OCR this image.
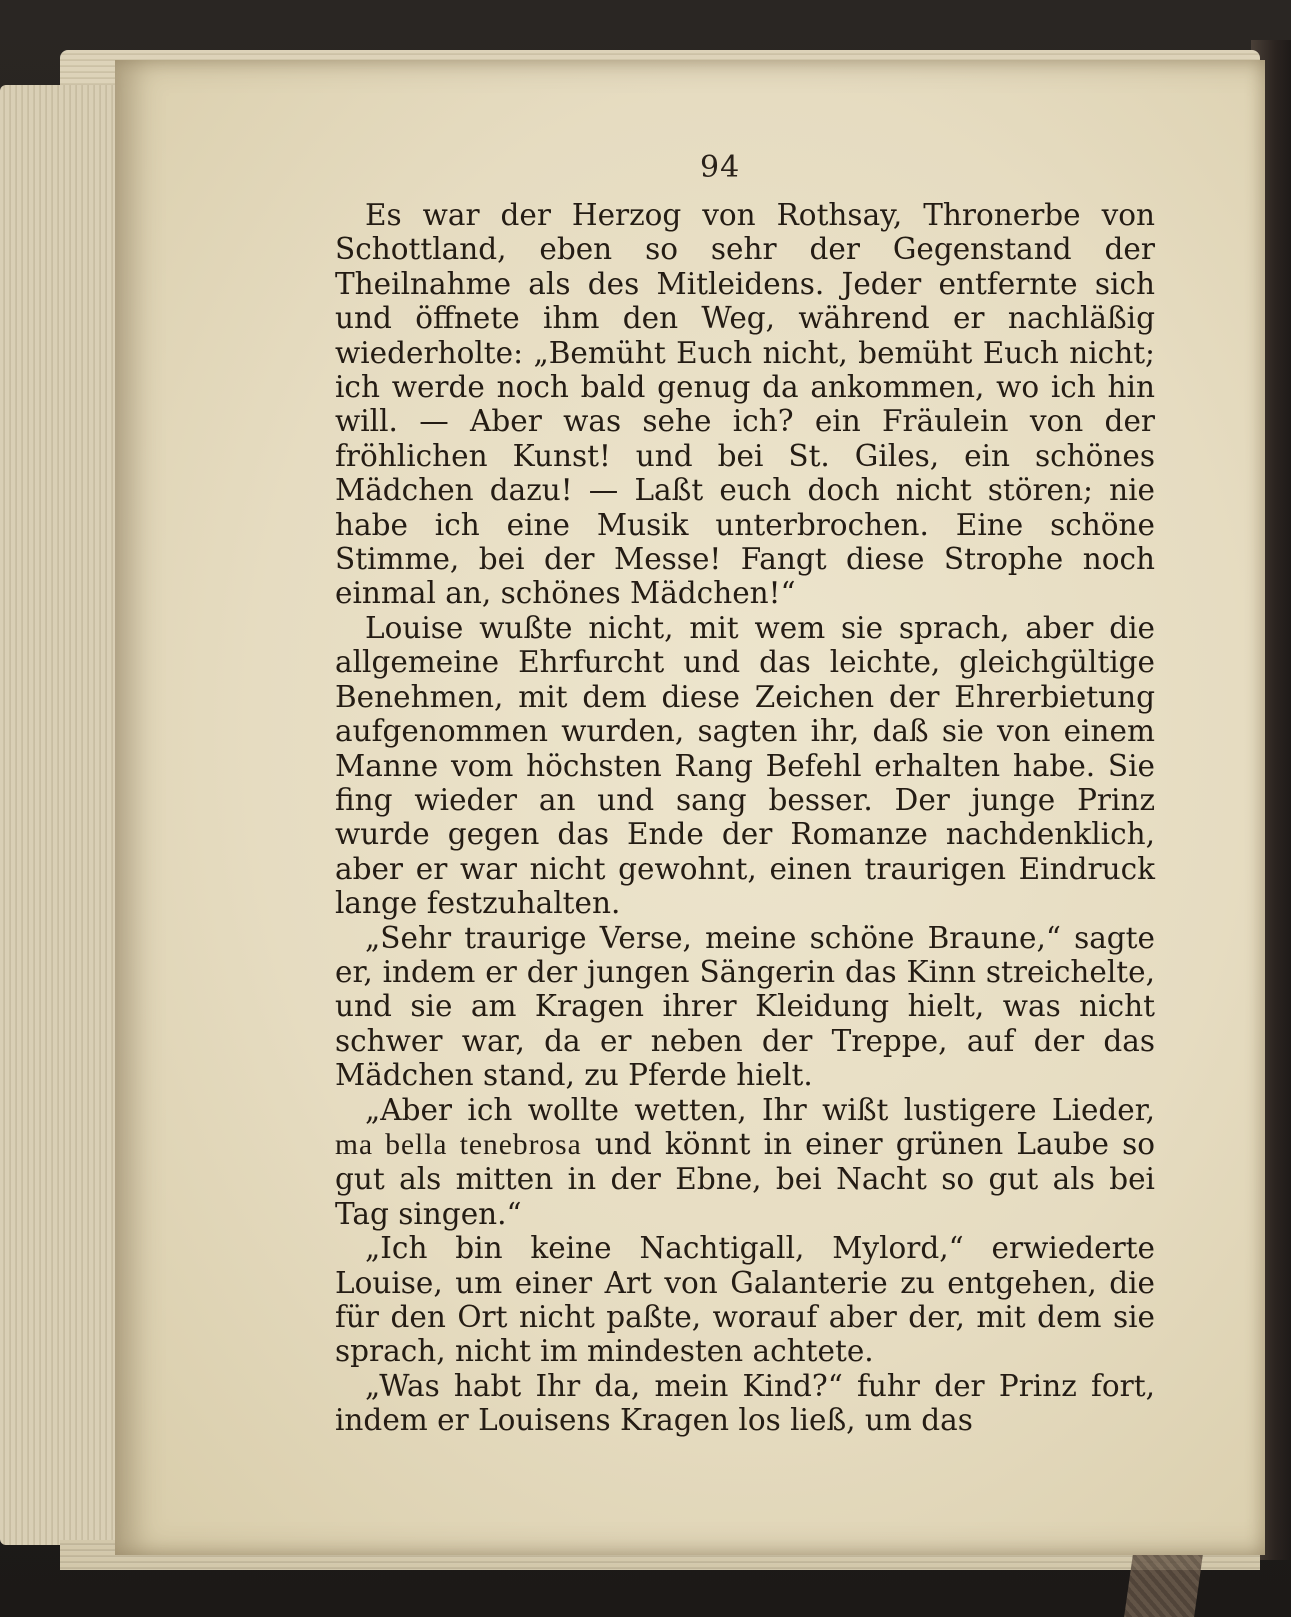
94

Es war der Herzog von Rothsay, Thronerbe von Schottland, eben so sehr der Gegenstand der Theilnahme als des Mitleidens. Jeder entfernte sich und öffnete ihm den Weg, während er nachläßig wiederholte: „Bemüht Euch nicht, bemüht Euch nicht; ich werde noch bald genug da ankommen, wo ich hin will. — Aber was sehe ich? ein Fräulein von der fröhlichen Kunst! und bei St. Giles, ein schönes Mädchen dazu! — Laßt euch doch nicht stören; nie habe ich eine Musik unterbrochen. Eine schöne Stimme, bei der Messe! Fangt diese Strophe noch einmal an, schönes Mädchen!“

Louise wußte nicht, mit wem sie sprach, aber die allgemeine Ehrfurcht und das leichte, gleichgültige Benehmen, mit dem diese Zeichen der Ehrerbietung aufgenommen wurden, sagten ihr, daß sie von einem Manne vom höchsten Rang Befehl erhalten habe. Sie fing wieder an und sang besser. Der junge Prinz wurde gegen das Ende der Romanze nachdenklich, aber er war nicht gewohnt, einen traurigen Eindruck lange festzuhalten.

„Sehr traurige Verse, meine schöne Braune,“ sagte er, indem er der jungen Sängerin das Kinn streichelte, und sie am Kragen ihrer Kleidung hielt, was nicht schwer war, da er neben der Treppe, auf der das Mädchen stand, zu Pferde hielt.

„Aber ich wollte wetten, Ihr wißt lustigere Lieder, ma bella tenebrosa und könnt in einer grünen Laube so gut als mitten in der Ebne, bei Nacht so gut als bei Tag singen.“

„Ich bin keine Nachtigall, Mylord,“ erwiederte Louise, um einer Art von Galanterie zu entgehen, die für den Ort nicht paßte, worauf aber der, mit dem sie sprach, nicht im mindesten achtete.

„Was habt Ihr da, mein Kind?“ fuhr der Prinz fort, indem er Louisens Kragen los ließ, um das
